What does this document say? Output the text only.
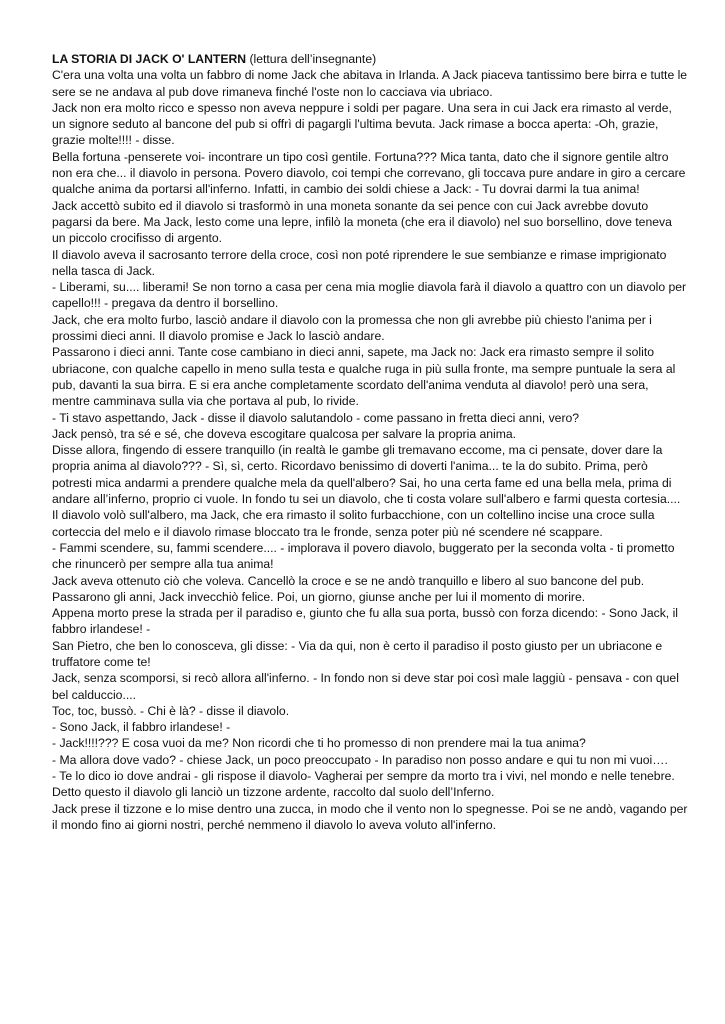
LA STORIA DI JACK O' LANTERN (lettura dell’insegnante)

C'era una volta una volta un fabbro di nome Jack che abitava in Irlanda. A Jack piaceva tantissimo bere birra e tutte le sere se ne andava al pub dove rimaneva finché l'oste non lo cacciava via ubriaco.

Jack non era molto ricco e spesso non aveva neppure i soldi per pagare. Una sera in cui Jack era rimasto al verde, un signore seduto al bancone del pub si offrì di pagargli l'ultima bevuta. Jack rimase a bocca aperta: -Oh, grazie, grazie molte!!!! - disse.

Bella fortuna -penserete voi- incontrare un tipo così gentile. Fortuna??? Mica tanta, dato che il signore gentile altro non era che... il diavolo in persona. Povero diavolo, coi tempi che correvano, gli toccava pure andare in giro a cercare qualche anima da portarsi all'inferno. Infatti, in cambio dei soldi chiese a Jack: - Tu dovrai darmi la tua anima!

Jack accettò subito ed il diavolo si trasformò in una moneta sonante da sei pence con cui Jack avrebbe dovuto pagarsi da bere. Ma Jack, lesto come una lepre, infilò la moneta (che era il diavolo) nel suo borsellino, dove teneva un piccolo crocifisso di argento.

Il diavolo aveva il sacrosanto terrore della croce, così non poté riprendere le sue sembianze e rimase imprigionato nella tasca di Jack.

- Liberami, su.... liberami! Se non torno a casa per cena mia moglie diavola farà il diavolo a quattro con un diavolo per capello!!! - pregava da dentro il borsellino.

Jack, che era molto furbo, lasciò andare il diavolo con la promessa che non gli avrebbe più chiesto l'anima per i prossimi dieci anni. Il diavolo promise e Jack lo lasciò andare.

Passarono i dieci anni. Tante cose cambiano in dieci anni, sapete, ma Jack no: Jack era rimasto sempre il solito ubriacone, con qualche capello in meno sulla testa e qualche ruga in più sulla fronte, ma sempre puntuale la sera al pub, davanti la sua birra. E si era anche completamente scordato dell'anima venduta al diavolo! però una sera, mentre camminava sulla via che portava al pub, lo rivide.

- Ti stavo aspettando, Jack - disse il diavolo salutandolo - come passano in fretta dieci anni, vero?

Jack pensò, tra sé e sé, che doveva escogitare qualcosa per salvare la propria anima.

Disse allora, fingendo di essere tranquillo (in realtà le gambe gli tremavano eccome, ma ci pensate, dover dare la propria anima al diavolo??? - Sì, sì, certo. Ricordavo benissimo di doverti l'anima... te la do subito. Prima, però potresti mica andarmi a prendere qualche mela da quell'albero? Sai, ho una certa fame ed una bella mela, prima di andare all’inferno, proprio ci vuole. In fondo tu sei un diavolo, che ti costa volare sull'albero e farmi questa cortesia....

Il diavolo volò sull'albero, ma Jack, che era rimasto il solito furbacchione, con un coltellino incise una croce sulla corteccia del melo e il diavolo rimase bloccato tra le fronde, senza poter più né scendere né scappare.

- Fammi scendere, su, fammi scendere.... - implorava il povero diavolo, buggerato per la seconda volta - ti prometto che rinuncerò per sempre alla tua anima!

Jack aveva ottenuto ciò che voleva. Cancellò la croce e se ne andò tranquillo e libero al suo bancone del pub.

Passarono gli anni, Jack invecchiò felice. Poi, un giorno, giunse anche per lui il momento di morire.

Appena morto prese la strada per il paradiso e, giunto che fu alla sua porta, bussò con forza dicendo: - Sono Jack, il fabbro irlandese! -

San Pietro, che ben lo conosceva, gli disse: - Via da qui, non è certo il paradiso il posto giusto per un ubriacone e truffatore come te!

Jack, senza scomporsi, si recò allora all'inferno. - In fondo non si deve star poi così male laggiù - pensava - con quel bel calduccio....

Toc, toc, bussò. - Chi è là? - disse il diavolo.

- Sono Jack, il fabbro irlandese! -

- Jack!!!!??? E cosa vuoi da me? Non ricordi che ti ho promesso di non prendere mai la tua anima?

- Ma allora dove vado? - chiese Jack, un poco preoccupato - In paradiso non posso andare e qui tu non mi vuoi….

- Te lo dico io dove andrai - gli rispose il diavolo- Vagherai per sempre da morto tra i vivi, nel mondo e nelle tenebre.

Detto questo il diavolo gli lanciò un tizzone ardente, raccolto dal suolo dell’Inferno.

Jack prese il tizzone e lo mise dentro una zucca, in modo che il vento non lo spegnesse. Poi se ne andò, vagando per il mondo fino ai giorni nostri, perché nemmeno il diavolo lo aveva voluto all'inferno.
